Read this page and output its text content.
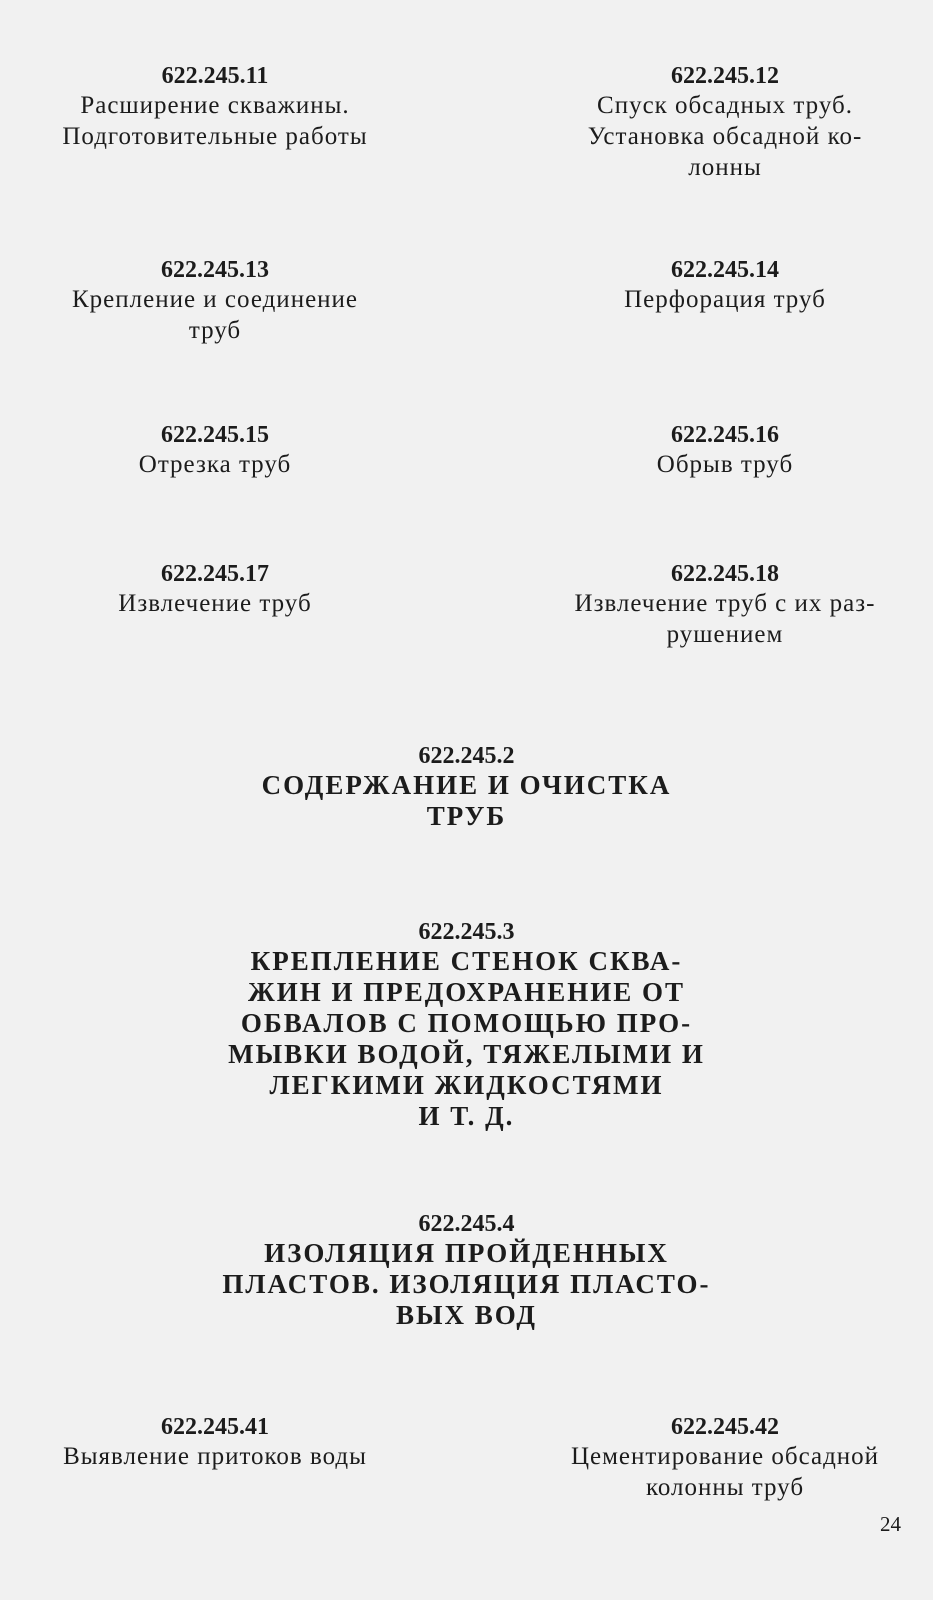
622.245.11
Расширение скважины.
Подготовительные работы
622.245.12
Спуск обсадных труб.
Установка обсадной ко-
лонны
622.245.13
Крепление и соединение
труб
622.245.14
Перфорация труб
622.245.15
Отрезка труб
622.245.16
Обрыв труб
622.245.17
Извлечение труб
622.245.18
Извлечение труб с их раз-
рушением
622.245.2
СОДЕРЖАНИЕ И ОЧИСТКА
ТРУБ
622.245.3
КРЕПЛЕНИЕ СТЕНОК СКВА-
ЖИН И ПРЕДОХРАНЕНИЕ ОТ
ОБВАЛОВ С ПОМОЩЬЮ ПРО-
МЫВКИ ВОДОЙ, ТЯЖЕЛЫМИ И
ЛЕГКИМИ ЖИДКОСТЯМИ
И Т. Д.
622.245.4
ИЗОЛЯЦИЯ ПРОЙДЕННЫХ
ПЛАСТОВ. ИЗОЛЯЦИЯ ПЛАСТО-
ВЫХ ВОД
622.245.41
Выявление притоков воды
622.245.42
Цементирование обсадной
колонны труб
24
